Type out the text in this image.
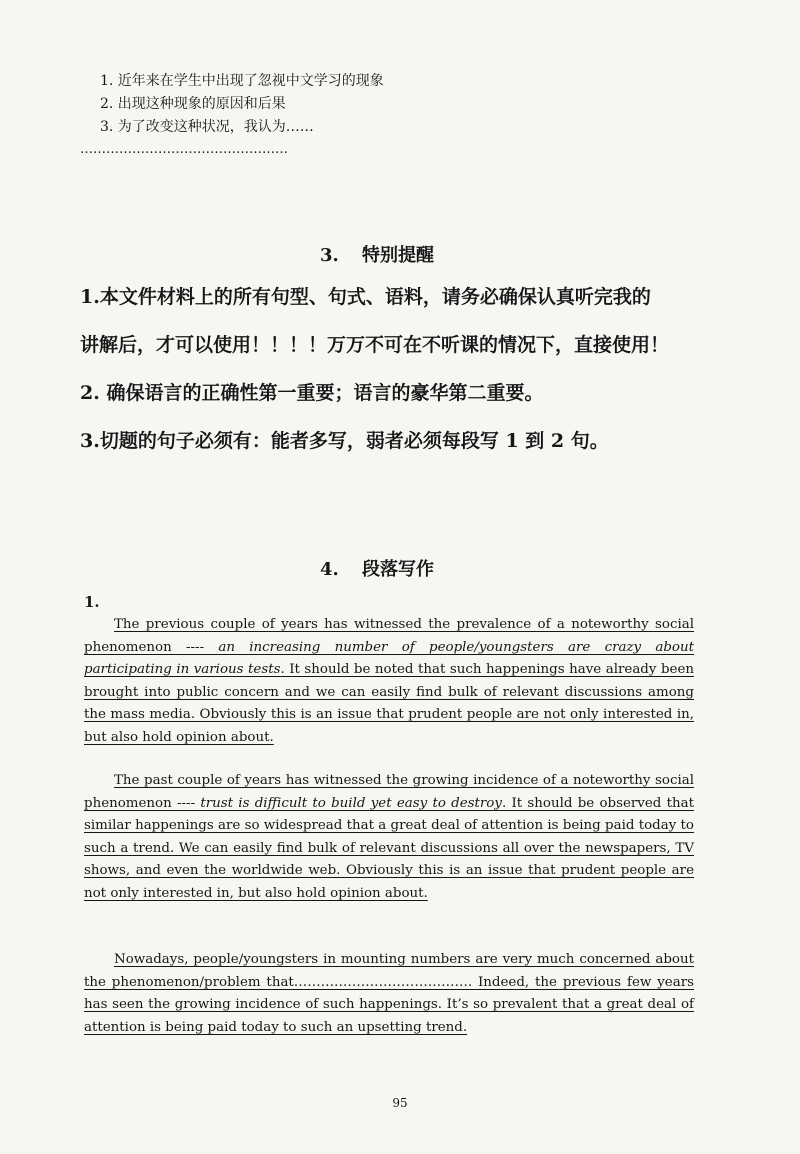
1. 近年来在学生中出现了忽视中文学习的现象
2. 出现这种现象的原因和后果
3. 为了改变这种状况，我认为……
…………………………………………
3. 特别提醒
1.本文件材料上的所有句型、句式、语料，请务必确保认真听完我的
讲解后，才可以使用！！！！万万不可在不听课的情况下，直接使用！
2. 确保语言的正确性第一重要；语言的豪华第二重要。
3.切题的句子必须有：能者多写，弱者必须每段写 1 到 2 句。
4. 段落写作
1.
The previous couple of years has witnessed the prevalence of a noteworthy social phenomenon ---- an increasing number of people/youngsters are crazy about participating in various tests. It should be noted that such happenings have already been brought into public concern and we can easily find bulk of relevant discussions among the mass media. Obviously this is an issue that prudent people are not only interested in, but also hold opinion about.
The past couple of years has witnessed the growing incidence of a noteworthy social phenomenon ---- trust is difficult to build yet easy to destroy. It should be observed that similar happenings are so widespread that a great deal of attention is being paid today to such a trend. We can easily find bulk of relevant discussions all over the newspapers, TV shows, and even the worldwide web. Obviously this is an issue that prudent people are not only interested in, but also hold opinion about.
Nowadays, people/youngsters in mounting numbers are very much concerned about the phenomenon/problem that…………………………………. Indeed, the previous few years has seen the growing incidence of such happenings. It’s so prevalent that a great deal of attention is being paid today to such an upsetting trend.
95
